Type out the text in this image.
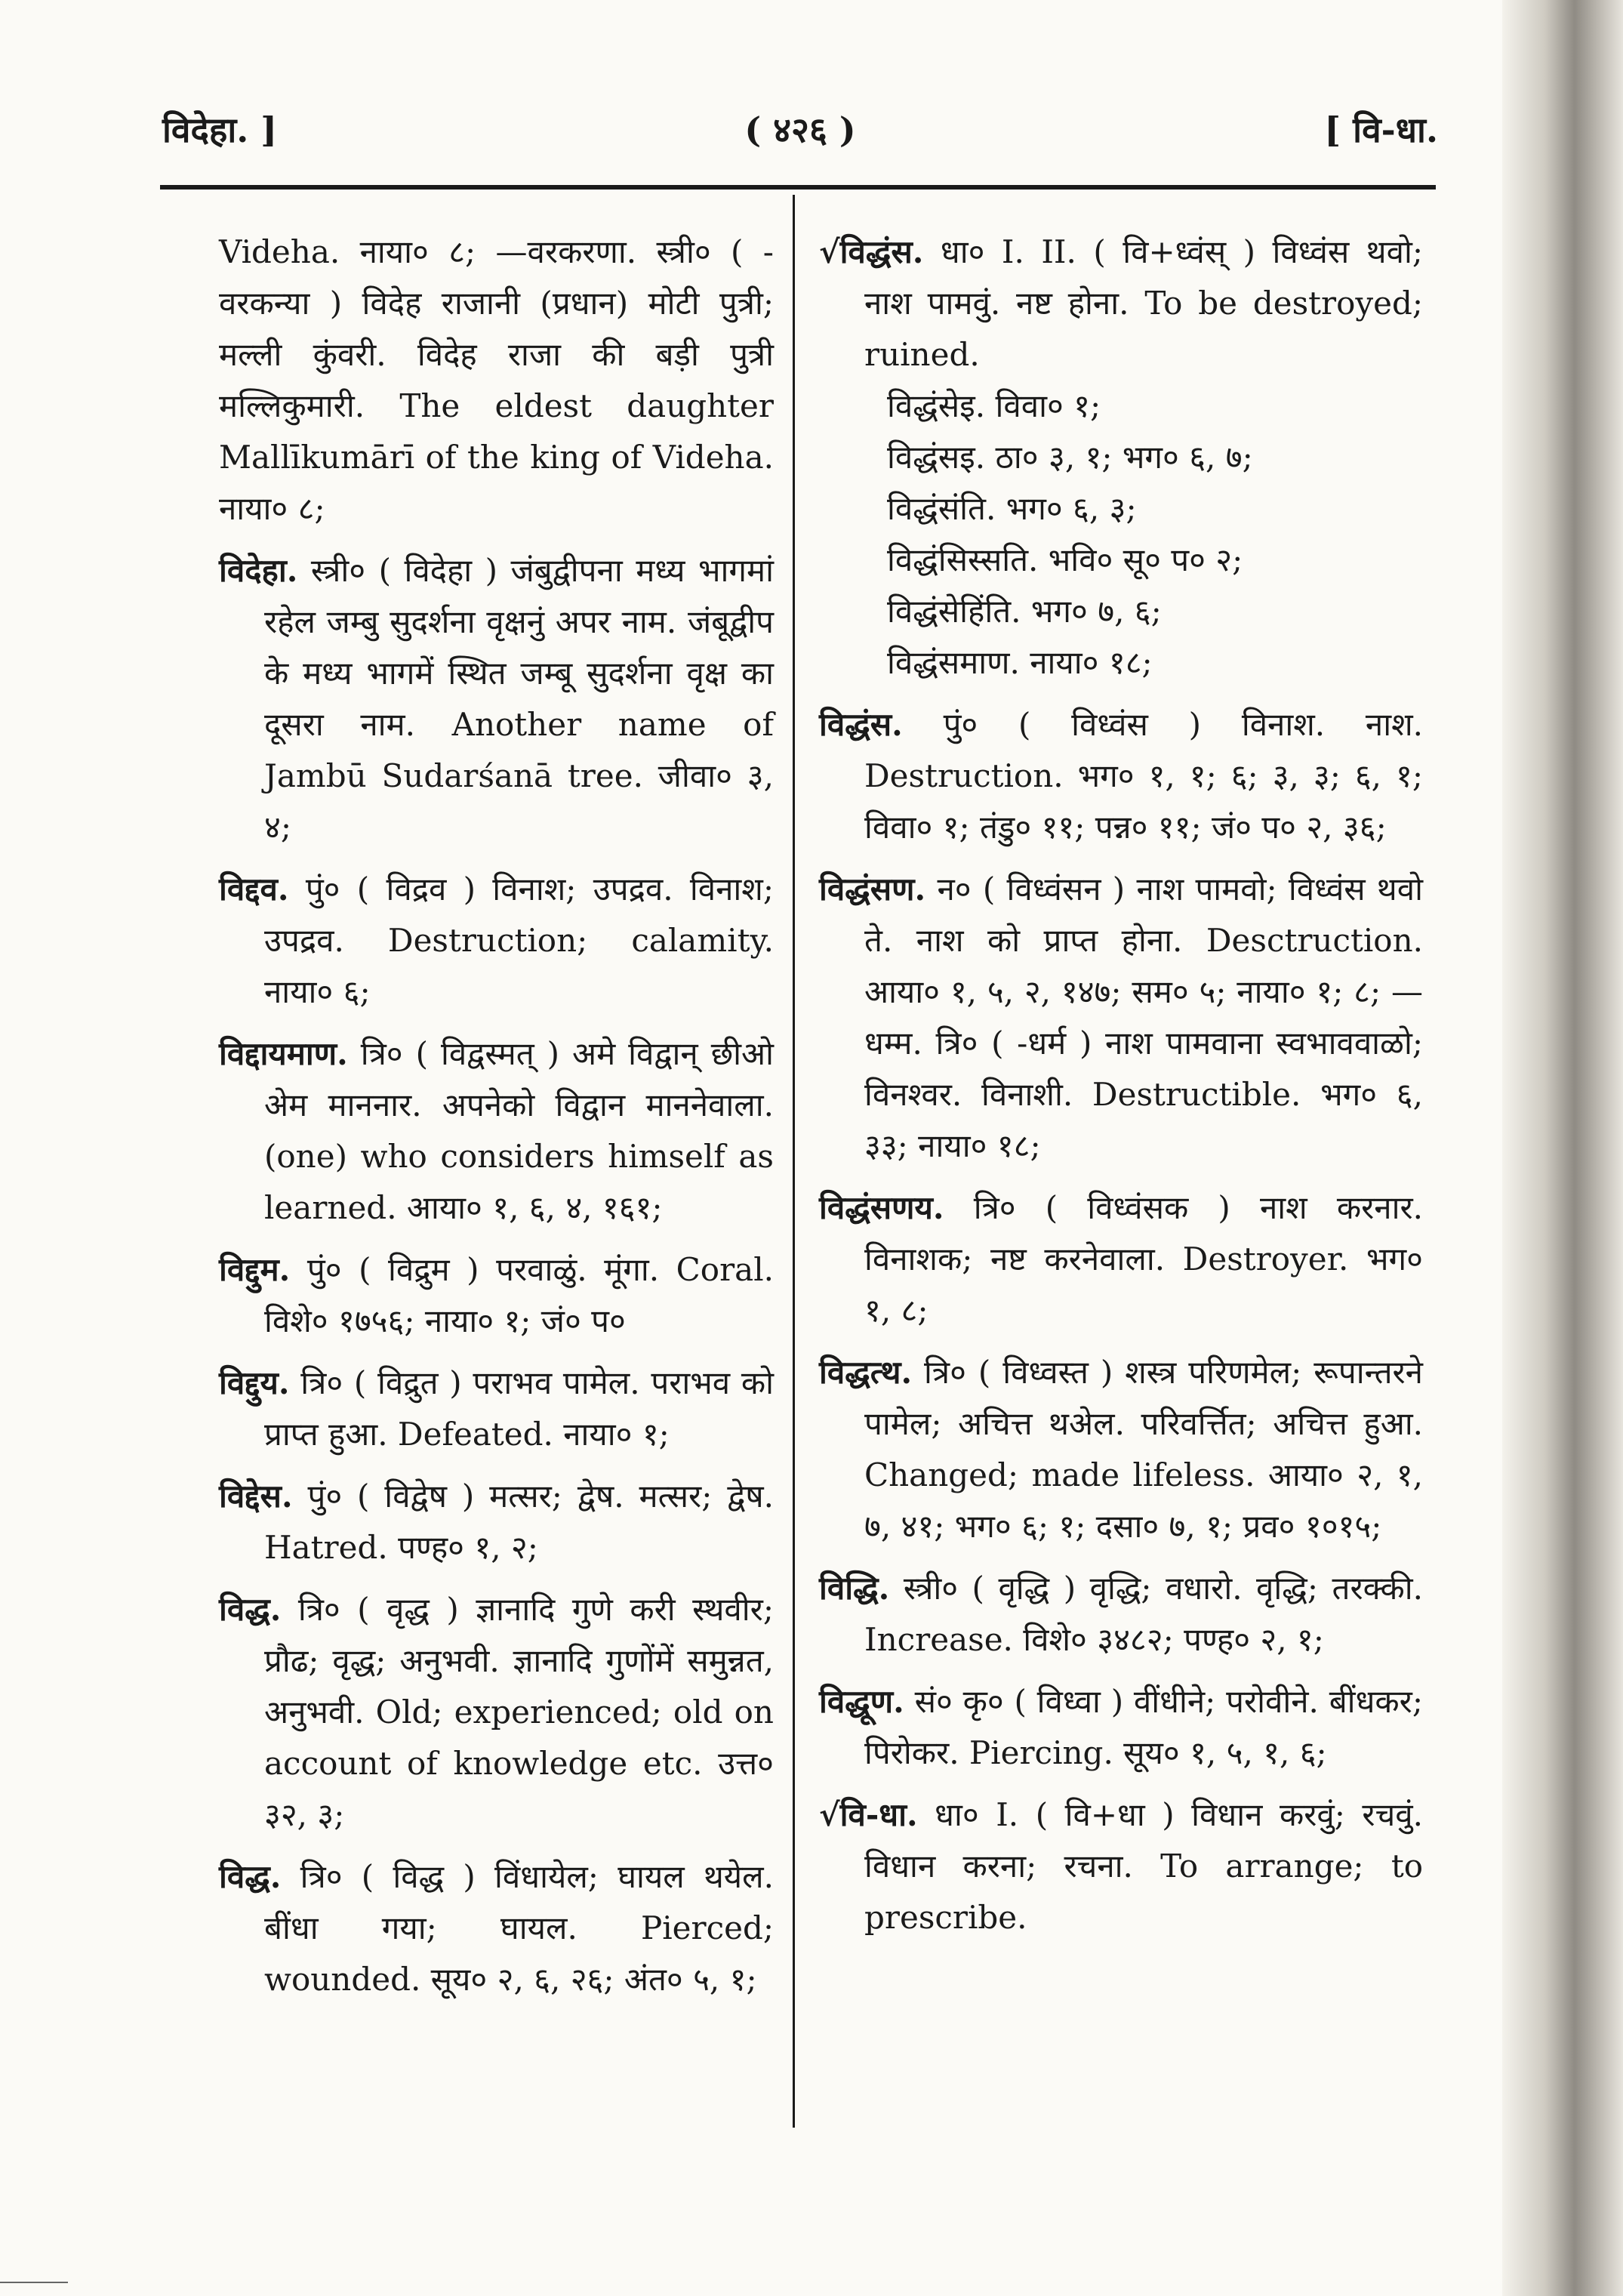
विदेहा. ]	( ४२६ )	[ वि-धा.

Videha. नाया० ८; —वरकरणा. स्त्री० ( -वरकन्या ) विदेह राजानी (प्रधान) मोटी पुत्री; मल्ली कुंवरी. विदेह राजा की बड़ी पुत्री मल्लिकुमारी. The eldest daughter Mallīkumārī of the king of Videha. नाया० ८;

विदेहा. स्त्री० ( विदेहा ) जंबुद्वीपना मध्य भागमां रहेल जम्बु सुदर्शना वृक्षनुं अपर नाम. जंबूद्वीप के मध्य भागमें स्थित जम्बू सुदर्शना वृक्ष का दूसरा नाम. Another name of Jambū Sudarśanā tree. जीवा० ३, ४;

विद्दव. पुं० ( विद्रव ) विनाश; उपद्रव. विनाश; उपद्रव. Destruction; calamity. नाया० ६;

विद्दायमाण. त्रि० ( विद्वस्मत् ) अमे विद्वान् छीओ अेम माननार. अपनेको विद्वान माननेवाला. (one) who considers himself as learned. आया० १, ६, ४, १६१;

विद्दुम. पुं० ( विद्रुम ) परवाळुं. मूंगा. Coral. विशे० १७५६; नाया० १; जं० प०

विद्दुय. त्रि० ( विद्रुत ) पराभव पामेल. पराभव को प्राप्त हुआ. Defeated. नाया० १;

विद्देस. पुं० ( विद्वेष ) मत्सर; द्वेष. मत्सर; द्वेष. Hatred. पण्ह० १, २;

विद्ध. त्रि० ( वृद्ध ) ज्ञानादि गुणे करी स्थवीर; प्रौढ; वृद्ध; अनुभवी. ज्ञानादि गुणोंमें समुन्नत, अनुभवी. Old; experienced; old on account of knowledge etc. उत्त० ३२, ३;

विद्ध. त्रि० ( विद्ध ) विंधायेल; घायल थयेल. बींधा गया; घायल. Pierced; wounded. सूय० २, ६, २६; अंत० ५, १;

√विद्धंस. धा० I. II. ( वि+ध्वंस् ) विध्वंस थवो; नाश पामवुं. नष्ट होना. To be destroyed; ruined.
विद्धंसेइ. विवा० १;
विद्धंसइ. ठा० ३, १; भग० ६, ७;
विद्धंसंति. भग० ६, ३;
विद्धंसिस्सति. भवि० सू० प० २;
विद्धंसेहिंति. भग० ७, ६;
विद्धंसमाण. नाया० १८;

विद्धंस. पुं० ( विध्वंस ) विनाश. नाश. Destruction. भग० १, १; ६; ३, ३; ६, १; विवा० १; तंडु० ११; पन्न० ११; जं० प० २, ३६;

विद्धंसण. न० ( विध्वंसन ) नाश पामवो; विध्वंस थवो ते. नाश को प्राप्त होना. Desctruction. आया० १, ५, २, १४७; सम० ५; नाया० १; ८; —धम्म. त्रि० ( -धर्म ) नाश पामवाना स्वभाववाळो; विनश्वर. विनाशी. Destructible. भग० ६, ३३; नाया० १८;

विद्धंसणय. त्रि० ( विध्वंसक ) नाश करनार. विनाशक; नष्ट करनेवाला. Destroyer. भग० १, ८;

विद्धत्थ. त्रि० ( विध्वस्त ) शस्त्र परिणमेल; रूपान्तरने पामेल; अचित्त थअेल. परिवर्त्तित; अचित्त हुआ. Changed; made lifeless. आया० २, १, ७, ४१; भग० ६; १; दसा० ७, १; प्रव० १०१५;

विद्धि. स्त्री० ( वृद्धि ) वृद्धि; वधारो. वृद्धि; तरक्की. Increase. विशे० ३४८२; पण्ह० २, १;

विद्धूण. सं० कृ० ( विध्वा ) वींधीने; परोवीने. बींधकर; पिरोकर. Piercing. सूय० १, ५, १, ६;

√वि-धा. धा० I. ( वि+धा ) विधान करवुं; रचवुं. विधान करना; रचना. To arrange; to prescribe.
